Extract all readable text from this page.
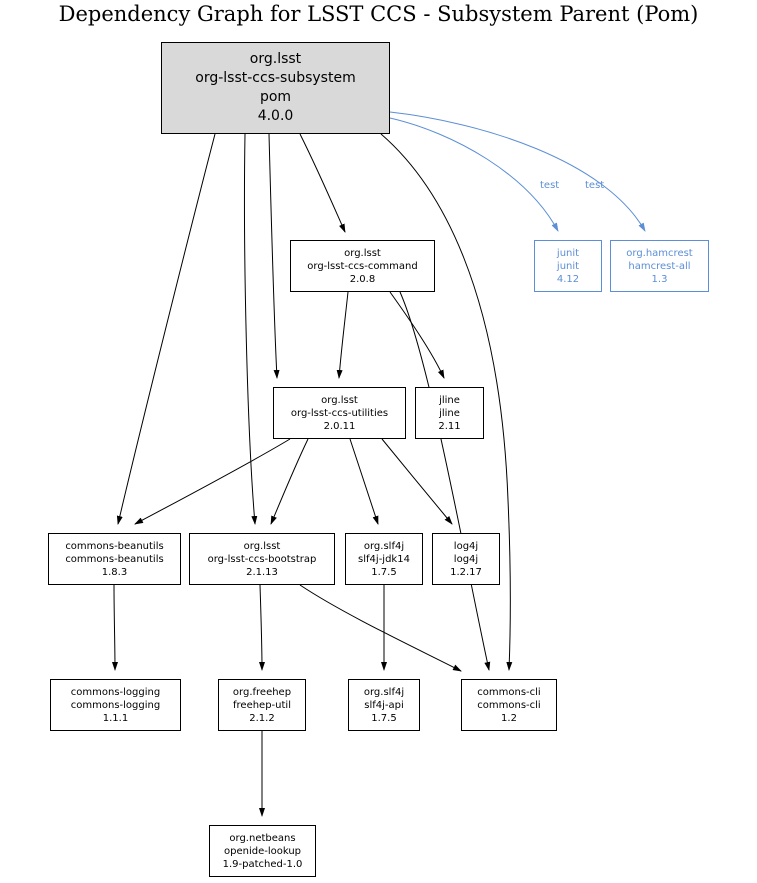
Dependency Graph for LSST CCS - Subsystem Parent (Pom)
org.lsst
org-lsst-ccs-subsystem
pom
4.0.0
junit
junit
4.12
org.hamcrest
hamcrest-all
1.3
org.lsst
org-lsst-ccs-command
2.0.8
org.lsst
org-lsst-ccs-utilities
2.0.11
jline
jline
2.11
commons-beanutils
commons-beanutils
1.8.3
org.lsst
org-lsst-ccs-bootstrap
2.1.13
org.slf4j
slf4j-jdk14
1.7.5
log4j
log4j
1.2.17
commons-logging
commons-logging
1.1.1
org.freehep
freehep-util
2.1.2
org.slf4j
slf4j-api
1.7.5
commons-cli
commons-cli
1.2
org.netbeans
openide-lookup
1.9-patched-1.0
test	test
